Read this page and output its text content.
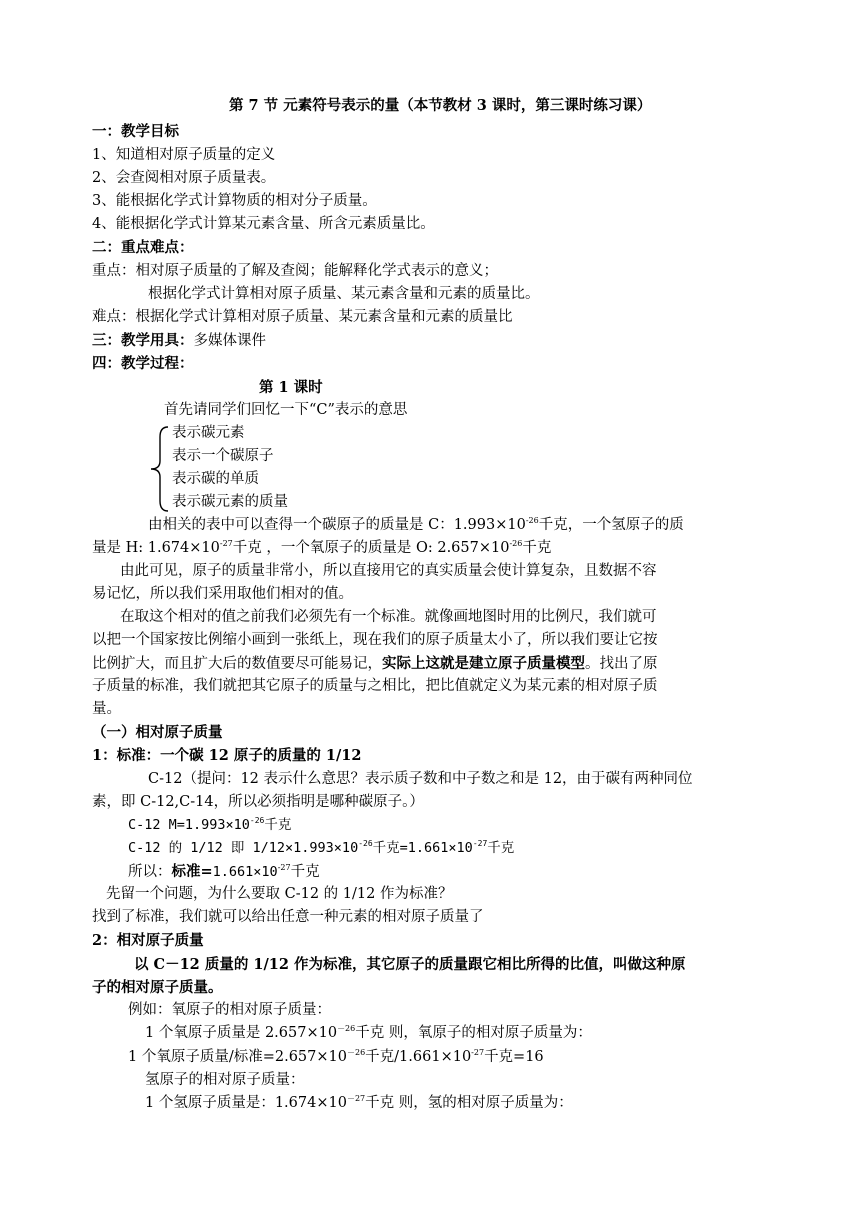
第 7 节 元素符号表示的量（本节教材 3 课时，第三课时练习课）
一：教学目标
1、知道相对原子质量的定义
2、会查阅相对原子质量表。
3、能根据化学式计算物质的相对分子质量。
4、能根据化学式计算某元素含量、所含元素质量比。
二：重点难点：
重点：相对原子质量的了解及查阅；能解释化学式表示的意义；
根据化学式计算相对原子质量、某元素含量和元素的质量比。
难点：根据化学式计算相对原子质量、某元素含量和元素的质量比
三：教学用具：多媒体课件
四：教学过程：
第 1 课时
首先请同学们回忆一下“C”表示的意思
表示碳元素
表示一个碳原子
表示碳的单质
表示碳元素的质量
由相关的表中可以查得一个碳原子的质量是 C：$1.993\times 10^{-26}$千克，一个氢原子的质
量是 H: $1.674\times 10^{-27}$千克 ，一个氧原子的质量是 O: $2.657\times 10^{-26}$千克
由此可见，原子的质量非常小，所以直接用它的真实质量会使计算复杂，且数据不容
易记忆，所以我们采用取他们相对的值。
在取这个相对的值之前我们必须先有一个标准。就像画地图时用的比例尺，我们就可
以把一个国家按比例缩小画到一张纸上，现在我们的原子质量太小了，所以我们要让它按
比例扩大，而且扩大后的数值要尽可能易记，实际上这就是建立原子质量模型。找出了原
子质量的标准，我们就把其它原子的质量与之相比，把比值就定义为某元素的相对原子质
量。
（一）相对原子质量
1：标准：一个碳 12 原子的质量的 1/12
C-12（提问：12 表示什么意思？表示质子数和中子数之和是 12，由于碳有两种同位
素，即 C-12,C-14，所以必须指明是哪种碳原子。）
C-12 $M=1.993\times 10^{-26}$千克
C-12 的 1/12 即 $1/12\times 1.993\times 10^{-26}$千克$=1.661\times 10^{-27}$千克
所以：标准$=1.661\times 10^{-27}$千克
先留一个问题，为什么要取 C-12 的 1/12 作为标准？
找到了标准，我们就可以给出任意一种元素的相对原子质量了
2：相对原子质量
以 C－12 质量的 1/12 作为标准，其它原子的质量跟它相比所得的比值，叫做这种原
子的相对原子质量。
例如：氧原子的相对原子质量：
1 个氧原子质量是 $2.657\times 10^{-26}$千克 则，氧原子的相对原子质量为：
1 个氧原子质量/标准$=2.657\times 10^{-26}$千克$/1.661\times 10^{-27}$千克=16
氢原子的相对原子质量：
1 个氢原子质量是：$1.674\times 10^{-27}$千克 则，氢的相对原子质量为：
